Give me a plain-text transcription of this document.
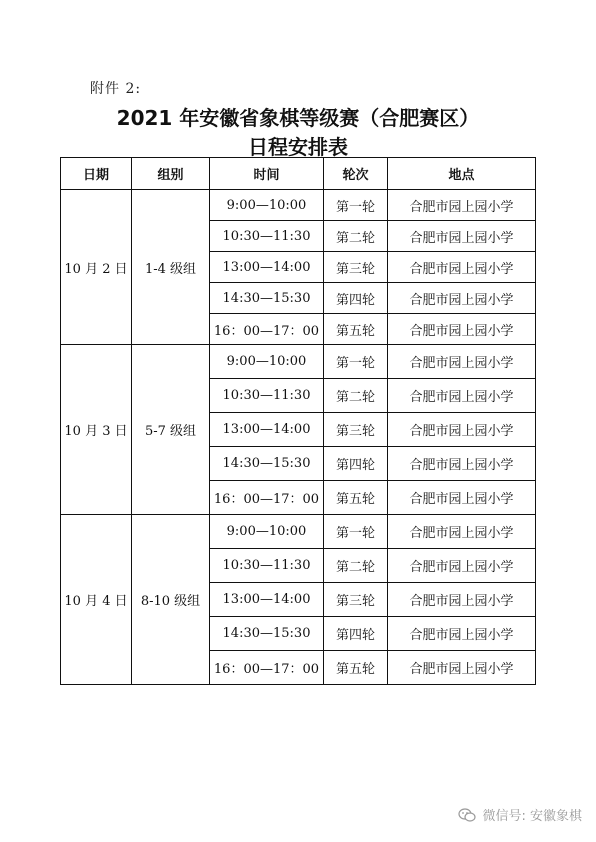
附件 2:
2021 年安徽省象棋等级赛（合肥赛区）
日程安排表
日期	组别	时间	轮次	地点
10 月 2 日	1-4 级组	9:00—10:00	第一轮	合肥市园上园小学
		10:30—11:30	第二轮	合肥市园上园小学
		13:00—14:00	第三轮	合肥市园上园小学
		14:30—15:30	第四轮	合肥市园上园小学
		16：00—17：00	第五轮	合肥市园上园小学
10 月 3 日	5-7 级组	9:00—10:00	第一轮	合肥市园上园小学
		10:30—11:30	第二轮	合肥市园上园小学
		13:00—14:00	第三轮	合肥市园上园小学
		14:30—15:30	第四轮	合肥市园上园小学
		16：00—17：00	第五轮	合肥市园上园小学
10 月 4 日	8-10 级组	9:00—10:00	第一轮	合肥市园上园小学
		10:30—11:30	第二轮	合肥市园上园小学
		13:00—14:00	第三轮	合肥市园上园小学
		14:30—15:30	第四轮	合肥市园上园小学
		16：00—17：00	第五轮	合肥市园上园小学
微信号: 安徽象棋
